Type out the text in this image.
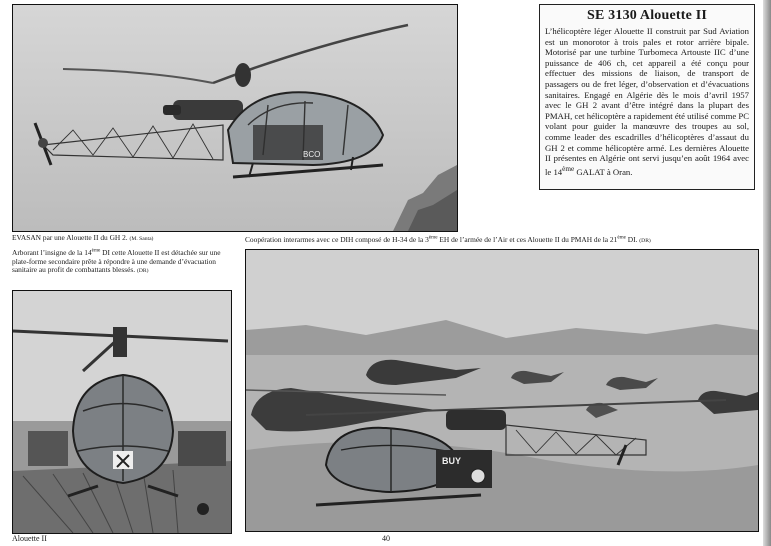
BCO
SE 3130 Alouette II

L’hélicoptère léger Alouette II construit par Sud Aviation est un monorotor à trois pales et rotor arrière bipale. Motorisé par une turbine Turbomeca Artouste IIC d’une puissance de 406 ch, cet appareil a été conçu pour effectuer des missions de liaison, de transport de passagers ou de fret léger, d’observation et d’évacuations sanitaires. Engagé en Algérie dès le mois d’avril 1957 avec le GH 2 avant d’être intégré dans la plupart des PMAH, cet hélicoptère a rapidement été utilisé comme PC volant pour guider la manœuvre des troupes au sol, comme leader des escadrilles d’hélicoptères d’assaut du GH 2 et comme hélicoptère armé. Les dernières Alouette II présentes en Algérie ont servi jusqu’en août 1964 avec le 14ème GALAT à Oran.

EVASAN par une Alouette II du GH 2. (M. Santa)
Arborant l’insigne de la 14ème DI cette Alouette II est détachée sur une plate-forme secondaire prête à répondre à une demande d’évacuation sanitaire au profit de combattants blessés. (DR)
Coopération interarmes avec ce DIH composé de H-34 de la 3ème EH de l’armée de l’Air et ces Alouette II du PMAH de la 21ème DI. (DR)
BUY
Alouette II	40
